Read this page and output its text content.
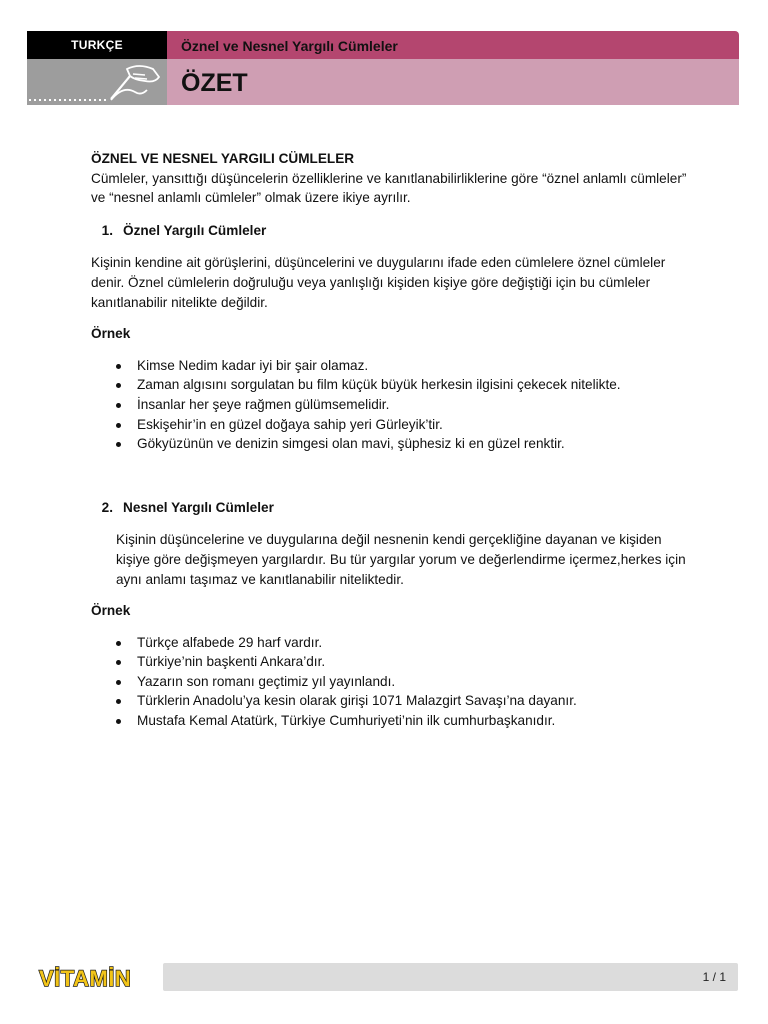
TURKÇE	Öznel ve Nesnel Yargılı Cümleler
ÖZET

ÖZNEL VE NESNEL YARGILI CÜMLELER

Cümleler, yansıttığı düşüncelerin özelliklerine ve kanıtlanabilirliklerine göre “öznel anlamlı cümleler” ve “nesnel anlamlı cümleler” olmak üzere ikiye ayrılır.

1. Öznel Yargılı Cümleler

Kişinin kendine ait görüşlerini, düşüncelerini ve duygularını ifade eden cümlelere öznel cümleler denir. Öznel cümlelerin doğruluğu veya yanlışlığı kişiden kişiye göre değiştiği için bu cümleler kanıtlanabilir nitelikte değildir.

Örnek

Kimse Nedim kadar iyi bir şair olamaz.
Zaman algısını sorgulatan bu film küçük büyük herkesin ilgisini çekecek nitelikte.
İnsanlar her şeye rağmen gülümsemelidir.
Eskişehir’in en güzel doğaya sahip yeri Gürleyik’tir.
Gökyüzünün ve denizin simgesi olan mavi, şüphesiz ki en güzel renktir.

2. Nesnel Yargılı Cümleler

Kişinin düşüncelerine ve duygularına değil nesnenin kendi gerçekliğine dayanan ve kişiden kişiye göre değişmeyen yargılardır. Bu tür yargılar yorum ve değerlendirme içermez,herkes için aynı anlamı taşımaz ve kanıtlanabilir niteliktedir.

Örnek

Türkçe alfabede 29 harf vardır.
Türkiye’nin başkenti Ankara’dır.
Yazarın son romanı geçtimiz yıl yayınlandı.
Türklerin Anadolu’ya kesin olarak girişi 1071 Malazgirt Savaşı’na dayanır.
Mustafa Kemal Atatürk, Türkiye Cumhuriyeti’nin ilk cumhurbaşkanıdır.
VİTAMİN	1 / 1
